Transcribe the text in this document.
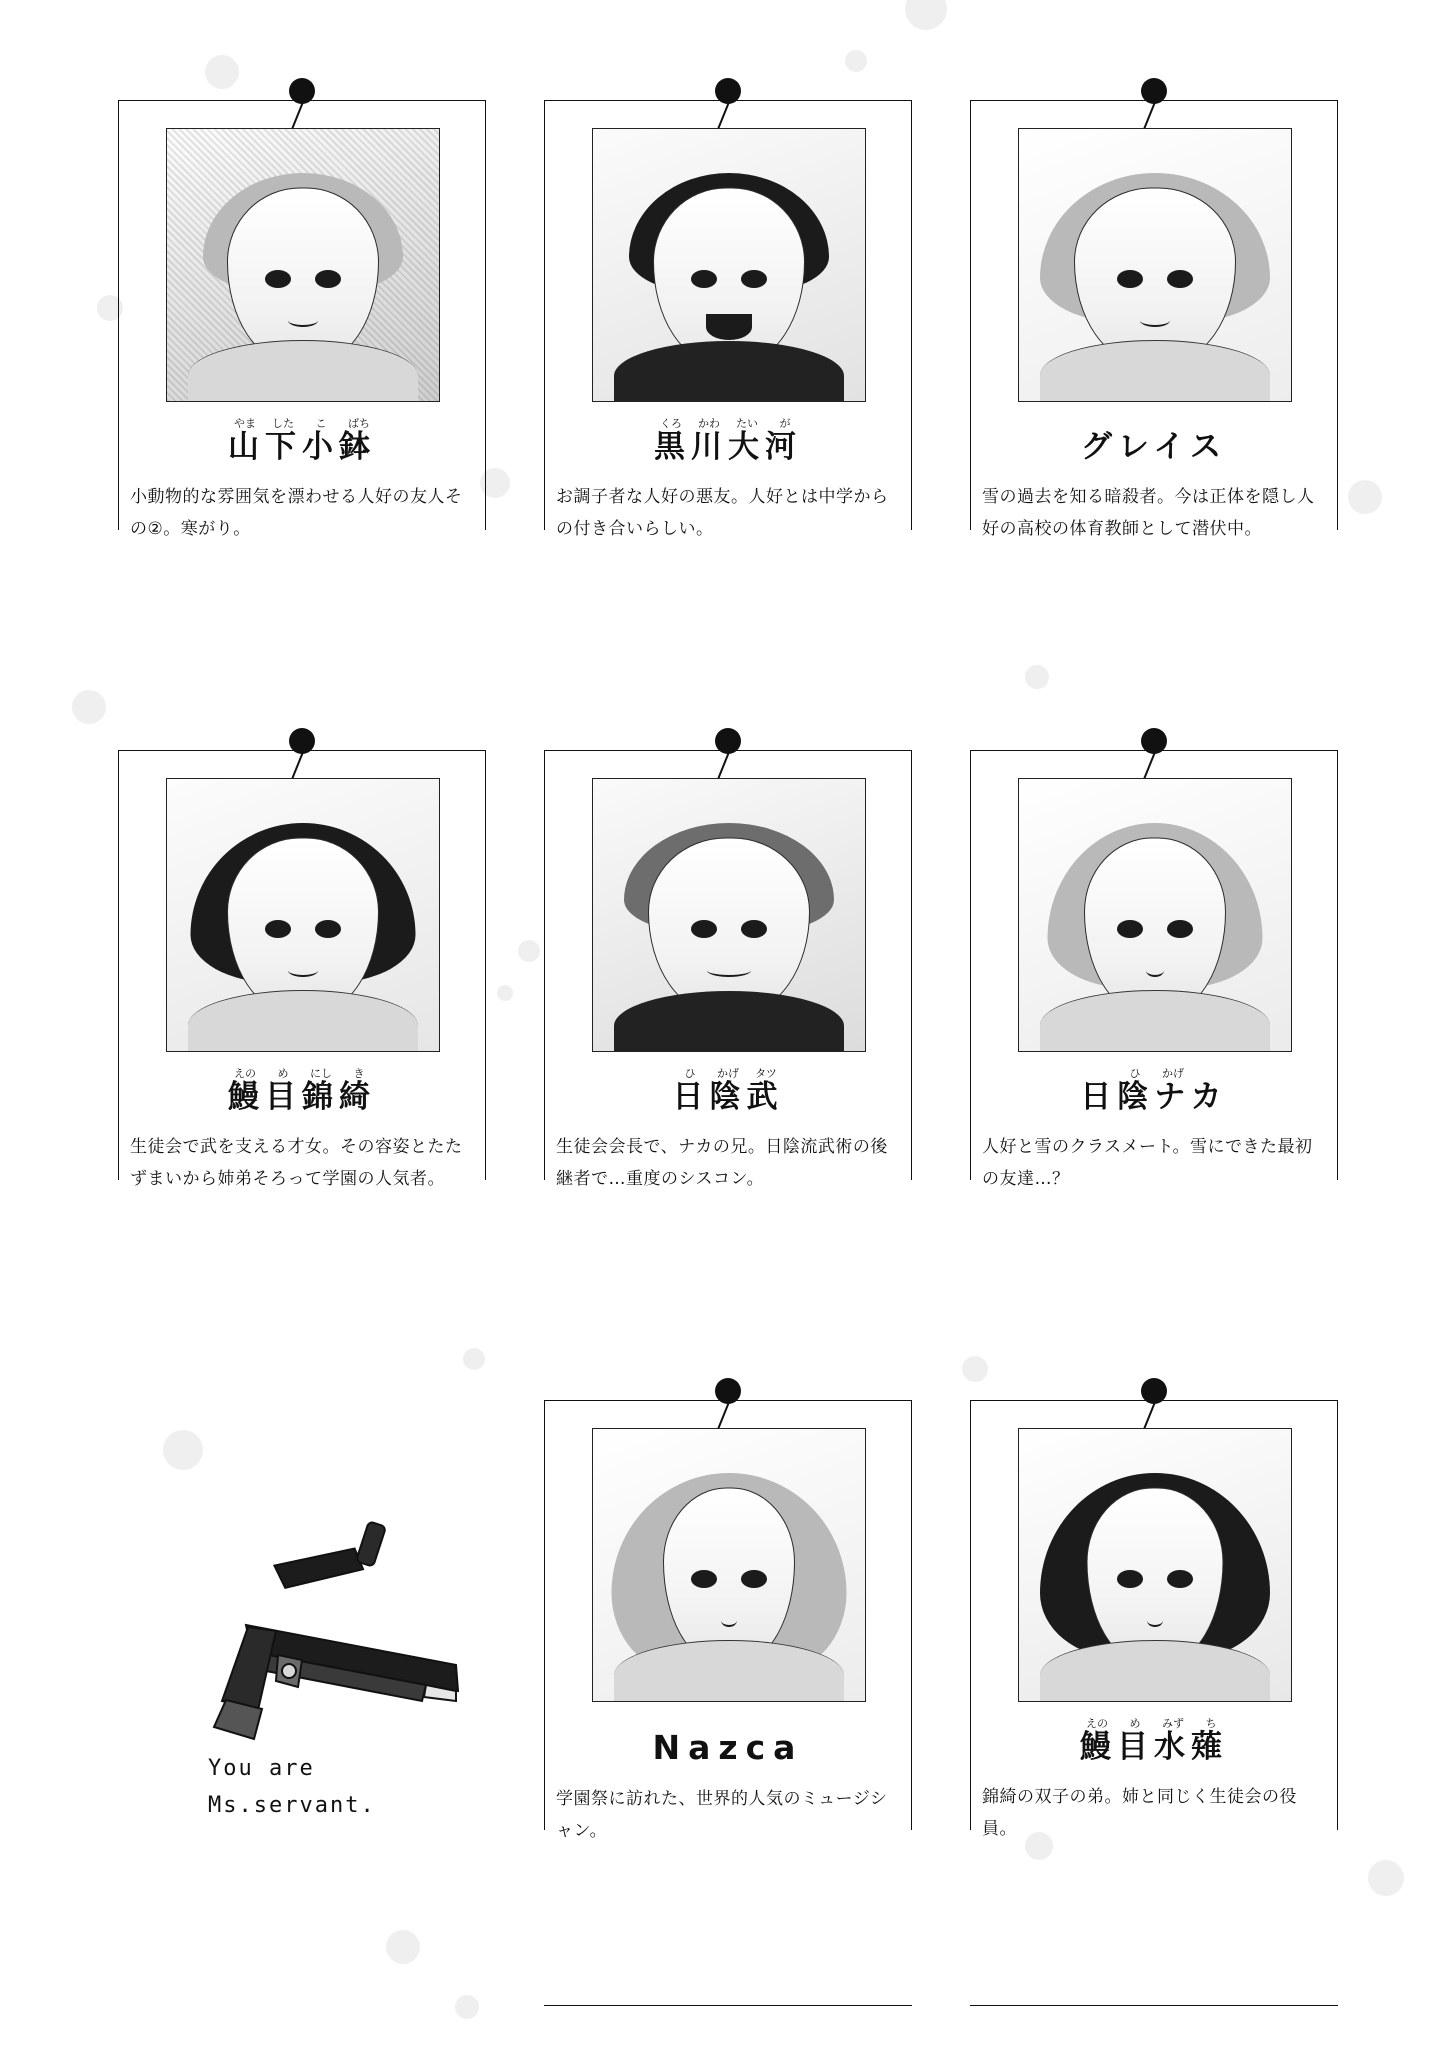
やま した こ ばち
山下小鉢
小動物的な雰囲気を漂わせる人好の友人その②。寒がり。
くろ かわ たい が
黒川大河
お調子者な人好の悪友。人好とは中学からの付き合いらしい。
グレイス
雪の過去を知る暗殺者。今は正体を隠し人好の高校の体育教師として潜伏中。
えの め にし き
鰻目錦綺
生徒会で武を支える才女。その容姿とたたずまいから姉弟そろって学園の人気者。
ひ かげ タツ
日陰武
生徒会会長で、ナカの兄。日陰流武術の後継者で…重度のシスコン。
ひ かげ
日陰ナカ
人好と雪のクラスメート。雪にできた最初の友達…？
You are
Ms.servant.
Nazca
学園祭に訪れた、世界的人気のミュージシャン。
えの め みず ち
鰻目水薙
錦綺の双子の弟。姉と同じく生徒会の役員。
